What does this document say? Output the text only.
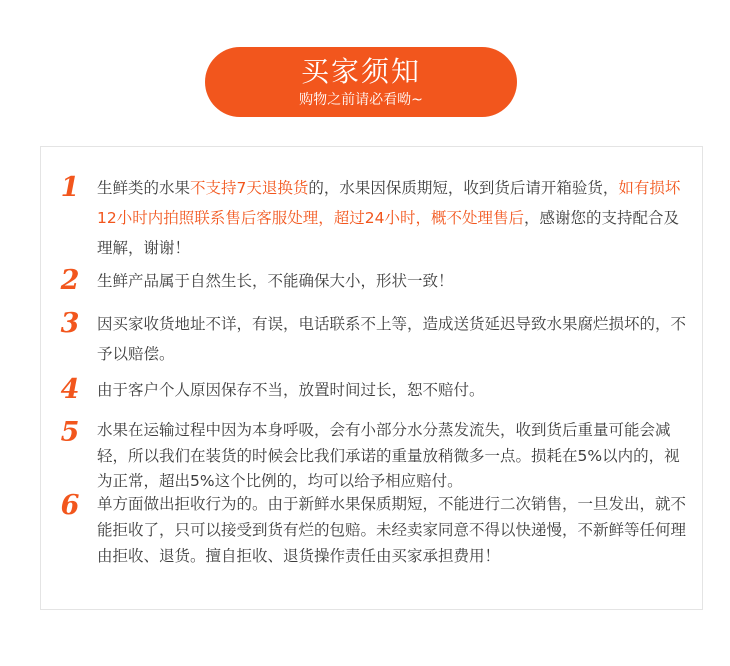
买家须知
购物之前请必看呦~
1 生鲜类的水果不支持7天退换货的，水果因保质期短，收到货后请开箱验货，如有损坏12小时内拍照联系售后客服处理，超过24小时，概不处理售后，感谢您的支持配合及理解，谢谢！
2 生鲜产品属于自然生长，不能确保大小，形状一致！
3 因买家收货地址不详，有误，电话联系不上等，造成送货延迟导致水果腐烂损坏的，不予以赔偿。
4 由于客户个人原因保存不当，放置时间过长，恕不赔付。
5 水果在运输过程中因为本身呼吸，会有小部分水分蒸发流失，收到货后重量可能会减轻，所以我们在装货的时候会比我们承诺的重量放稍微多一点。损耗在5%以内的，视为正常，超出5%这个比例的，均可以给予相应赔付。
6 单方面做出拒收行为的。由于新鲜水果保质期短，不能进行二次销售，一旦发出，就不能拒收了，只可以接受到货有烂的包赔。未经卖家同意不得以快递慢，不新鲜等任何理由拒收、退货。擅自拒收、退货操作责任由买家承担费用！
